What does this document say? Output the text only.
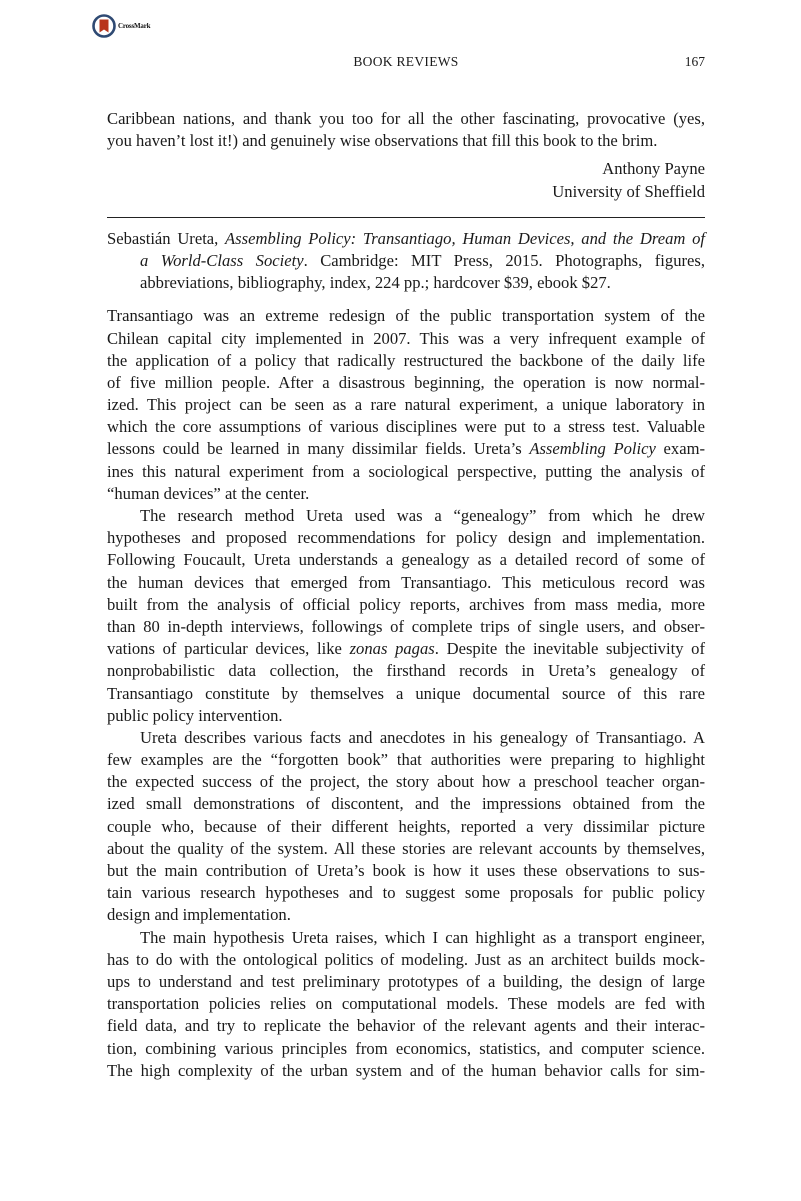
CrossMark
BOOK REVIEWS	167
Caribbean nations, and thank you too for all the other fascinating, provocative (yes,
you haven’t lost it!) and genuinely wise observations that fill this book to the brim.
Anthony Payne
University of Sheffield
Sebastián Ureta, Assembling Policy: Transantiago, Human Devices, and the Dream of
a World-Class Society. Cambridge: MIT Press, 2015. Photographs, figures,
abbreviations, bibliography, index, 224 pp.; hardcover $39, ebook $27.
Transantiago was an extreme redesign of the public transportation system of the
Chilean capital city implemented in 2007. This was a very infrequent example of
the application of a policy that radically restructured the backbone of the daily life
of five million people. After a disastrous beginning, the operation is now normal-
ized. This project can be seen as a rare natural experiment, a unique laboratory in
which the core assumptions of various disciplines were put to a stress test. Valuable
lessons could be learned in many dissimilar fields. Ureta’s Assembling Policy exam-
ines this natural experiment from a sociological perspective, putting the analysis of
“human devices” at the center.
The research method Ureta used was a “genealogy” from which he drew
hypotheses and proposed recommendations for policy design and implementation.
Following Foucault, Ureta understands a genealogy as a detailed record of some of
the human devices that emerged from Transantiago. This meticulous record was
built from the analysis of official policy reports, archives from mass media, more
than 80 in-depth interviews, followings of complete trips of single users, and obser-
vations of particular devices, like zonas pagas. Despite the inevitable subjectivity of
nonprobabilistic data collection, the firsthand records in Ureta’s genealogy of
Transantiago constitute by themselves a unique documental source of this rare
public policy intervention.
Ureta describes various facts and anecdotes in his genealogy of Transantiago. A
few examples are the “forgotten book” that authorities were preparing to highlight
the expected success of the project, the story about how a preschool teacher organ-
ized small demonstrations of discontent, and the impressions obtained from the
couple who, because of their different heights, reported a very dissimilar picture
about the quality of the system. All these stories are relevant accounts by themselves,
but the main contribution of Ureta’s book is how it uses these observations to sus-
tain various research hypotheses and to suggest some proposals for public policy
design and implementation.
The main hypothesis Ureta raises, which I can highlight as a transport engineer,
has to do with the ontological politics of modeling. Just as an architect builds mock-
ups to understand and test preliminary prototypes of a building, the design of large
transportation policies relies on computational models. These models are fed with
field data, and try to replicate the behavior of the relevant agents and their interac-
tion, combining various principles from economics, statistics, and computer science.
The high complexity of the urban system and of the human behavior calls for sim-
